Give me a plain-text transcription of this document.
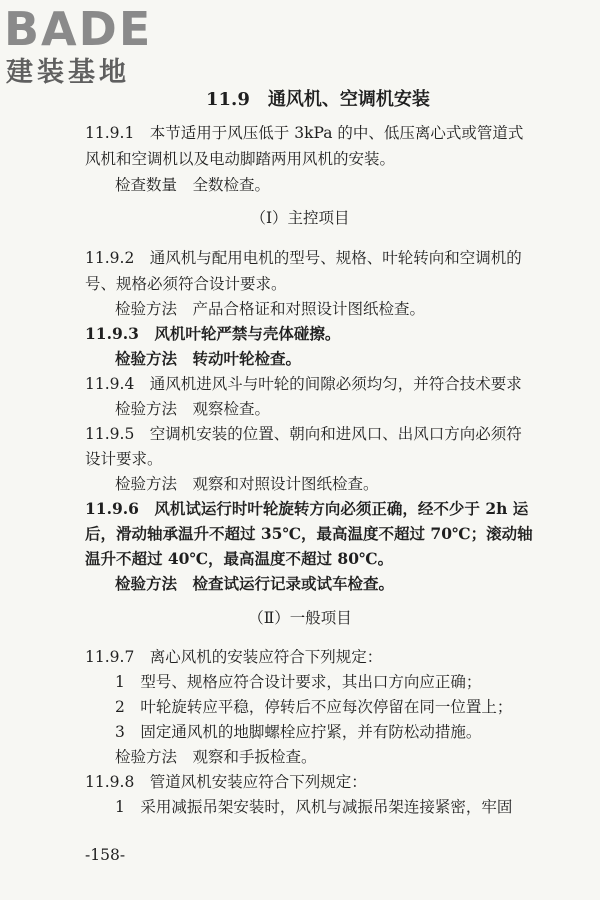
BADE
建装基地
11.9　通风机、空调机安装
11.9.1　本节适用于风压低于 3kPa 的中、低压离心式或管道式
风机和空调机以及电动脚踏两用风机的安装。
检查数量　全数检查。
（Ⅰ）主控项目
11.9.2　通风机与配用电机的型号、规格、叶轮转向和空调机的
号、规格必须符合设计要求。
检验方法　产品合格证和对照设计图纸检查。
11.9.3　风机叶轮严禁与壳体碰擦。
检验方法　转动叶轮检查。
11.9.4　通风机进风斗与叶轮的间隙必须均匀，并符合技术要求
检验方法　观察检查。
11.9.5　空调机安装的位置、朝向和进风口、出风口方向必须符
设计要求。
检验方法　观察和对照设计图纸检查。
11.9.6　风机试运行时叶轮旋转方向必须正确，经不少于 2h 运
后，滑动轴承温升不超过 35℃，最高温度不超过 70℃；滚动轴
温升不超过 40℃，最高温度不超过 80℃。
检验方法　检查试运行记录或试车检查。
（Ⅱ）一般项目
11.9.7　离心风机的安装应符合下列规定：
1　型号、规格应符合设计要求，其出口方向应正确；
2　叶轮旋转应平稳，停转后不应每次停留在同一位置上；
3　固定通风机的地脚螺栓应拧紧，并有防松动措施。
检验方法　观察和手扳检查。
11.9.8　管道风机安装应符合下列规定：
1　采用减振吊架安装时，风机与减振吊架连接紧密，牢固
-158-
